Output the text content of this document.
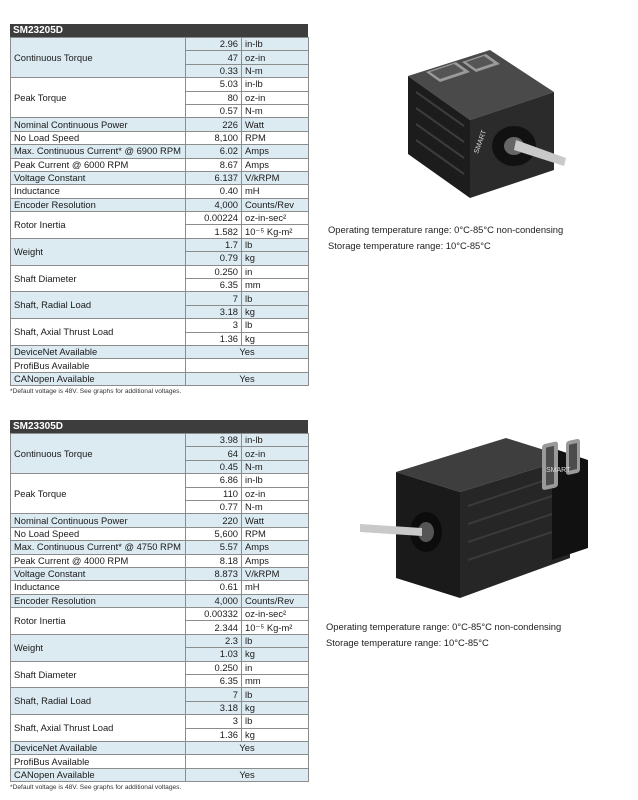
SM23205D
Continuous Torque	2.96	in-lb
	47	oz-in
	0.33	N-m
Peak Torque	5.03	in-lb
	80	oz-in
	0.57	N-m
Nominal Continuous Power	226	Watt
No Load Speed	8,100	RPM
Max. Continuous Current* @ 6900 RPM	6.02	Amps
Peak Current @ 6000 RPM	8.67	Amps
Voltage Constant	6.137	V/kRPM
Inductance	0.40	mH
Encoder Resolution	4,000	Counts/Rev
Rotor Inertia	0.00224	oz-in-sec²
	1.582	10⁻⁵ Kg-m²
Weight	1.7	lb
	0.79	kg
Shaft Diameter	0.250	in
	6.35	mm
Shaft, Radial Load	7	lb
	3.18	kg
Shaft, Axial Thrust Load	3	lb
	1.36	kg
DeviceNet Available	Yes	
ProfiBus Available		
CANopen Available	Yes	
*Default voltage is 48V. See graphs for additional voltages.
Operating temperature range: 0°C-85°C non-condensing
Storage temperature range: 10°C-85°C
SMART
SM23305D
Continuous Torque	3.98	in-lb
	64	oz-in
	0.45	N-m
Peak Torque	6.86	in-lb
	110	oz-in
	0.77	N-m
Nominal Continuous Power	220	Watt
No Load Speed	5,600	RPM
Max. Continuous Current* @ 4750 RPM	5.57	Amps
Peak Current @ 4000 RPM	8.18	Amps
Voltage Constant	8.873	V/kRPM
Inductance	0.61	mH
Encoder Resolution	4,000	Counts/Rev
Rotor Inertia	0.00332	oz-in-sec²
	2.344	10⁻⁵ Kg-m²
Weight	2.3	lb
	1.03	kg
Shaft Diameter	0.250	in
	6.35	mm
Shaft, Radial Load	7	lb
	3.18	kg
Shaft, Axial Thrust Load	3	lb
	1.36	kg
DeviceNet Available	Yes	
ProfiBus Available		
CANopen Available	Yes	
*Default voltage is 48V. See graphs for additional voltages.
Operating temperature range: 0°C-85°C non-condensing
Storage temperature range: 10°C-85°C
SMART
